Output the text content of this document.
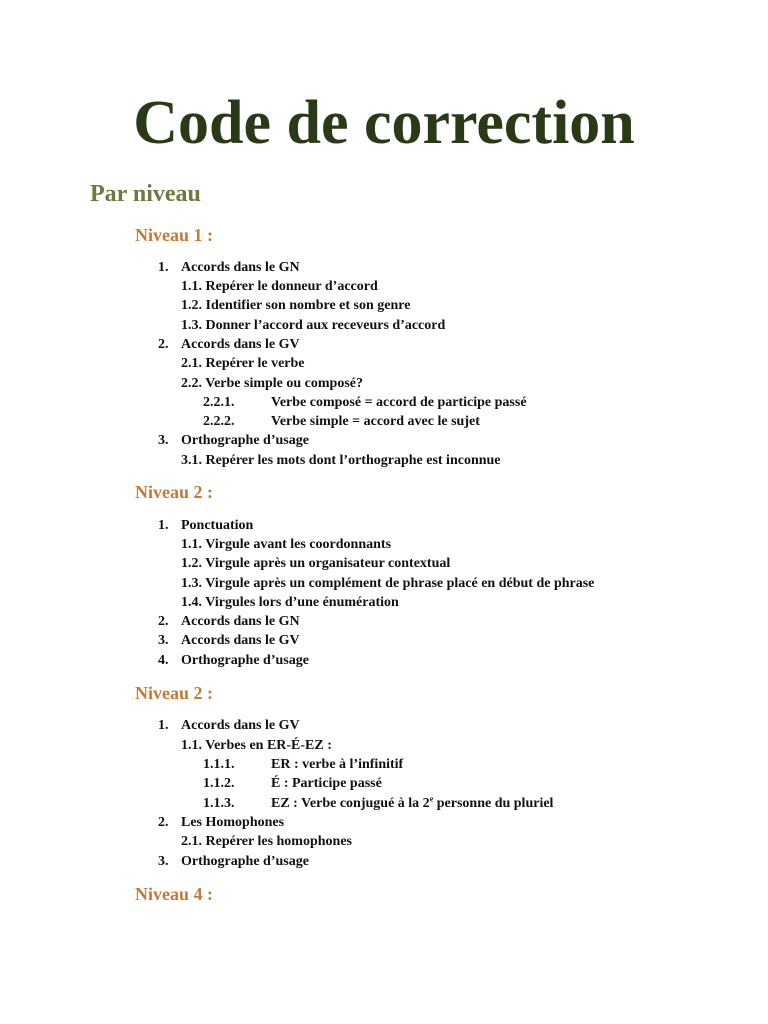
Code de correction
Par niveau
Niveau 1 :
1. Accords dans le GN
1.1. Repérer le donneur d’accord
1.2. Identifier son nombre et son genre
1.3. Donner l’accord aux receveurs d’accord
2. Accords dans le GV
2.1. Repérer le verbe
2.2. Verbe simple ou composé?
2.2.1.	Verbe composé = accord de participe passé
2.2.2.	Verbe simple = accord avec le sujet
3. Orthographe d’usage
3.1. Repérer les mots dont l’orthographe est inconnue
Niveau 2 :
1. Ponctuation
1.1. Virgule avant les coordonnants
1.2. Virgule après un organisateur contextual
1.3. Virgule après un complément de phrase placé en début de phrase
1.4. Virgules lors d’une énumération
2. Accords dans le GN
3. Accords dans le GV
4. Orthographe d’usage
Niveau 2 :
1. Accords dans le GV
1.1. Verbes en ER-É-EZ :
1.1.1.	ER : verbe à l’infinitif
1.1.2.	É : Participe passé
1.1.3.	EZ : Verbe conjugué à la 2e personne du pluriel
2. Les Homophones
2.1. Repérer les homophones
3. Orthographe d’usage
Niveau 4 :
